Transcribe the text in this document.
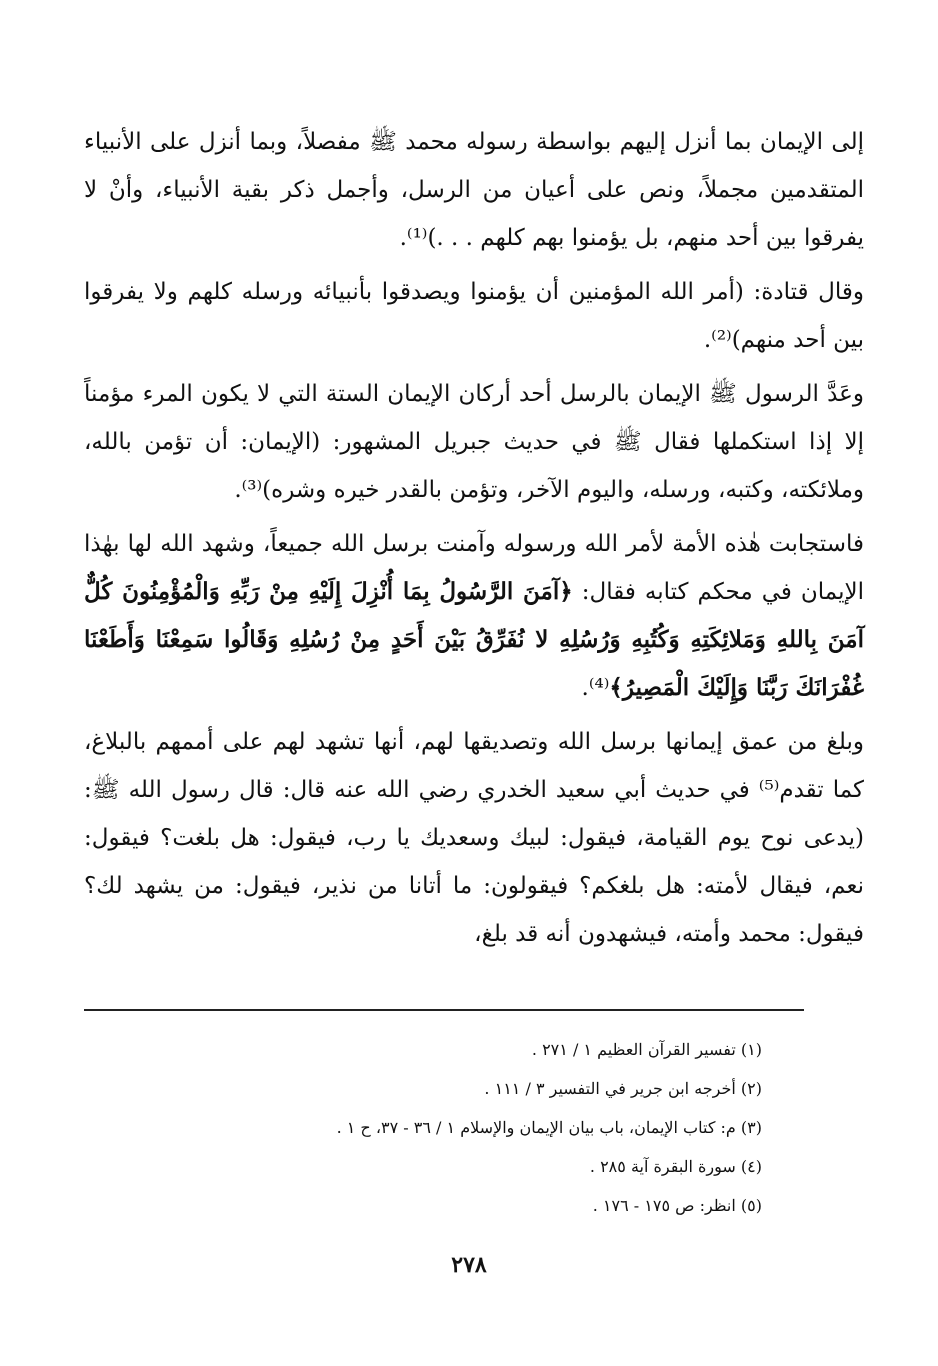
إلى الإيمان بما أنزل إليهم بواسطة رسوله محمد ﷺ مفصلاً، وبما أنزل على الأنبياء المتقدمين مجملاً، ونص على أعيان من الرسل، وأجمل ذكر بقية الأنبياء، وأنْ لا يفرقوا بين أحد منهم، بل يؤمنوا بهم كلهم . . .)⁽¹⁾.

وقال قتادة: (أمر الله المؤمنين أن يؤمنوا ويصدقوا بأنبيائه ورسله كلهم ولا يفرقوا بين أحد منهم)⁽²⁾.

وعَدَّ الرسول ﷺ الإيمان بالرسل أحد أركان الإيمان الستة التي لا يكون المرء مؤمناً إلا إذا استكملها فقال ﷺ في حديث جبريل المشهور: (الإيمان: أن تؤمن بالله، وملائكته، وكتبه، ورسله، واليوم الآخر، وتؤمن بالقدر خيره وشره)⁽³⁾.

فاستجابت هٰذه الأمة لأمر الله ورسوله وآمنت برسل الله جميعاً، وشهد الله لها بهٰذا الإيمان في محكم كتابه فقال: ﴿آمَنَ الرَّسُولُ بِمَا أُنْزِلَ إِلَيْهِ مِنْ رَبِّهِ وَالْمُؤْمِنُونَ كُلٌّ آمَنَ بِاللهِ وَمَلائِكَتِهِ وَكُتُبِهِ وَرُسُلِهِ لا نُفَرِّقُ بَيْنَ أَحَدٍ مِنْ رُسُلِهِ وَقَالُوا سَمِعْنَا وَأَطَعْنَا غُفْرَانَكَ رَبَّنَا وَإِلَيْكَ الْمَصِيرُ﴾⁽⁴⁾.

وبلغ من عمق إيمانها برسل الله وتصديقها لهم، أنها تشهد لهم على أممهم بالبلاغ، كما تقدم⁽⁵⁾ في حديث أبي سعيد الخدري رضي الله عنه قال: قال رسول الله ﷺ: (يدعى نوح يوم القيامة، فيقول: لبيك وسعديك يا رب، فيقول: هل بلغت؟ فيقول: نعم، فيقال لأمته: هل بلغكم؟ فيقولون: ما أتانا من نذير، فيقول: من يشهد لك؟ فيقول: محمد وأمته، فيشهدون أنه قد بلغ،

(١) تفسير القرآن العظيم ١ / ٢٧١ .
(٢) أخرجه ابن جرير في التفسير ٣ / ١١١ .
(٣) م: كتاب الإيمان، باب بيان الإيمان والإسلام ١ / ٣٦ - ٣٧، ح ١ .
(٤) سورة البقرة آية ٢٨٥ .
(٥) انظر: ص ١٧٥ - ١٧٦ .
٢٧٨
